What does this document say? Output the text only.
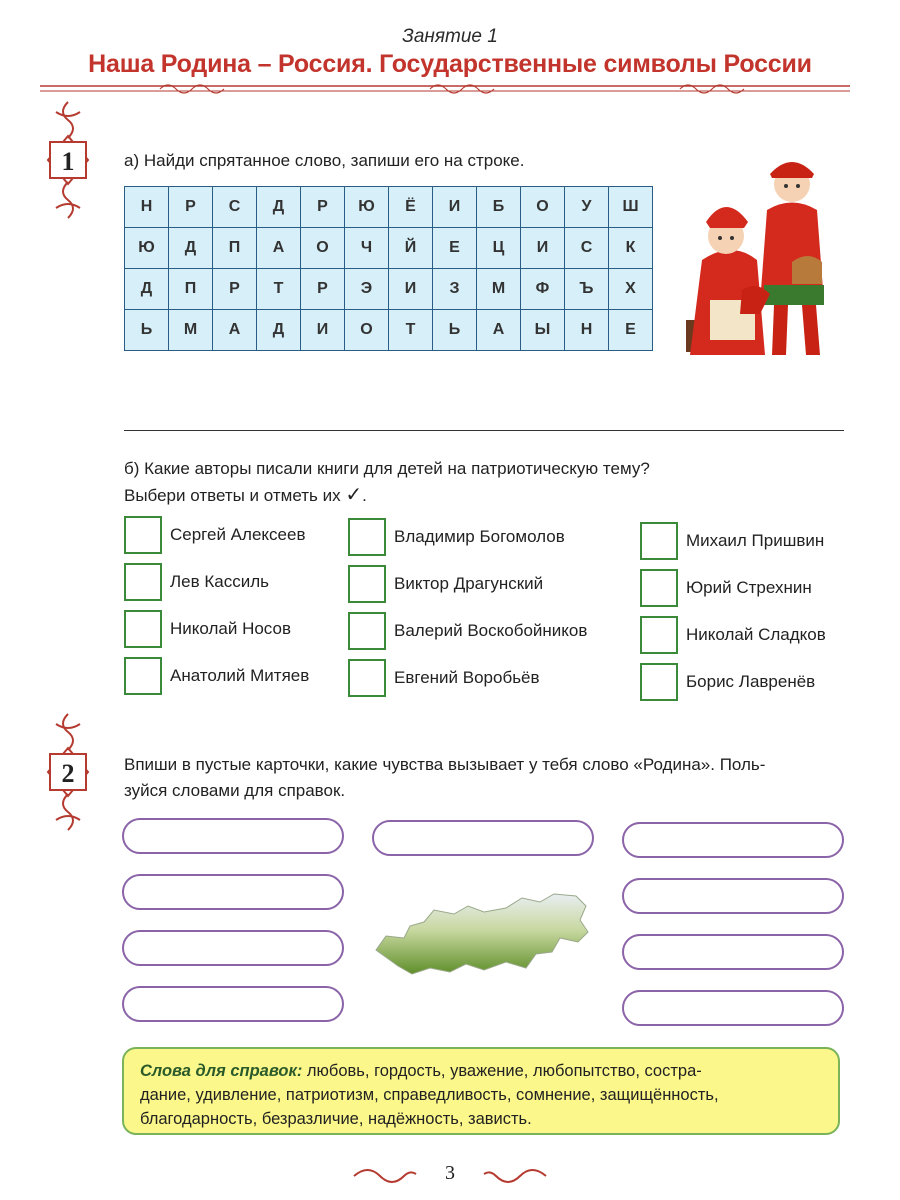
Занятие 1
Наша Родина – Россия. Государственные символы России
1	а) Найди спрятанное слово, запиши его на строке.
Н	Р	С	Д	Р	Ю	Ё	И	Б	О	У	Ш
Ю	Д	П	А	О	Ч	Й	Е	Ц	И	С	К
Д	П	Р	Т	Р	Э	И	З	М	Ф	Ъ	Х
Ь	М	А	Д	И	О	Т	Ь	А	Ы	Н	Е
б) Какие авторы писали книги для детей на патриотическую тему?
Выбери ответы и отметь их ✓.
Сергей Алексеев
Лев Кассиль
Николай Носов
Анатолий Митяев
Владимир Богомолов
Виктор Драгунский
Валерий Воскобойников
Евгений Воробьёв
Михаил Пришвин
Юрий Стрехнин
Николай Сладков
Борис Лавренёв
2	Впиши в пустые карточки, какие чувства вызывает у тебя слово «Родина». Поль-
зуйся словами для справок.
Слова для справок: любовь, гордость, уважение, любопытство, состра-
дание, удивление, патриотизм, справедливость, сомнение, защищённость,
благодарность, безразличие, надёжность, зависть.
3
